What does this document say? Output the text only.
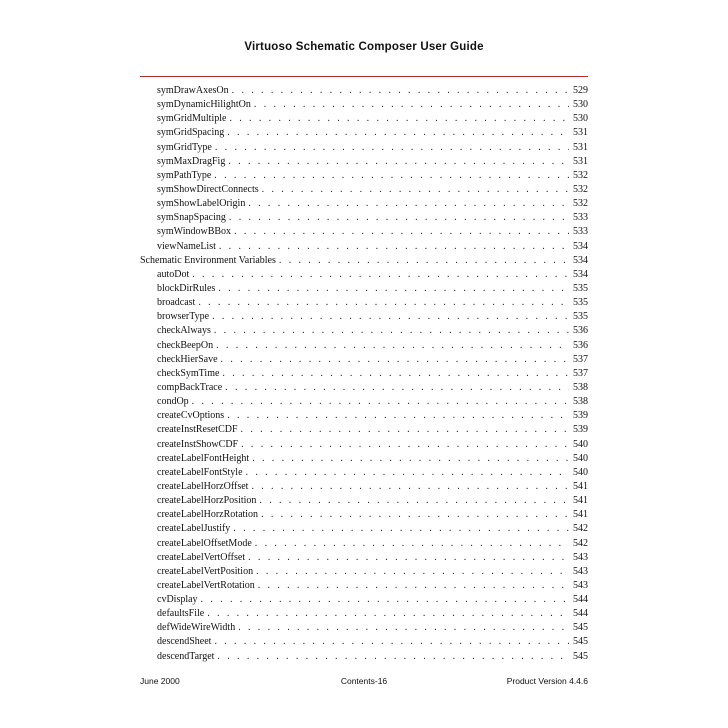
Virtuoso Schematic Composer User Guide
symDrawAxesOn . . .	529
symDynamicHilightOn . . .	530
symGridMultiple . . .	530
symGridSpacing . . .	531
symGridType . . .	531
symMaxDragFig . . .	531
symPathType . . .	532
symShowDirectConnects . . .	532
symShowLabelOrigin . . .	532
symSnapSpacing . . .	533
symWindowBBox . . .	533
viewNameList . . .	534
Schematic Environment Variables . . .	534
autoDot . . .	534
blockDirRules . . .	535
broadcast . . .	535
browserType . . .	535
checkAlways . . .	536
checkBeepOn . . .	536
checkHierSave . . .	537
checkSymTime . . .	537
compBackTrace . . .	538
condOp . . .	538
createCvOptions . . .	539
createInstResetCDF . . .	539
createInstShowCDF . . .	540
createLabelFontHeight . . .	540
createLabelFontStyle . . .	540
createLabelHorzOffset . . .	541
createLabelHorzPosition . . .	541
createLabelHorzRotation . . .	541
createLabelJustify . . .	542
createLabelOffsetMode . . .	542
createLabelVertOffset . . .	543
createLabelVertPosition . . .	543
createLabelVertRotation . . .	543
cvDisplay . . .	544
defaultsFile . . .	544
defWideWireWidth . . .	545
descendSheet . . .	545
descendTarget . . .	545
June 2000	Contents-16	Product Version 4.4.6
